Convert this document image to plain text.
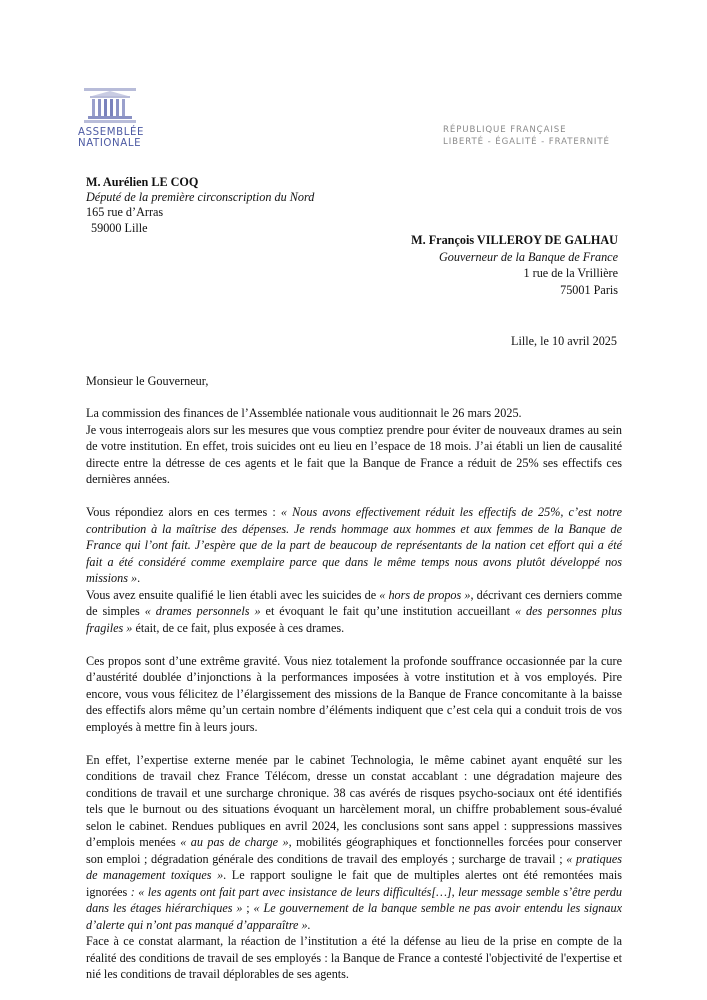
ASSEMBLÉE
NATIONALE
RÉPUBLIQUE FRANÇAISE
LIBERTÉ - ÉGALITÉ - FRATERNITÉ
M. Aurélien LE COQ
Député de la première circonscription du Nord
165 rue d’Arras
59000 Lille
M. François VILLEROY DE GALHAU
Gouverneur de la Banque de France
1 rue de la Vrillière
75001 Paris
Lille, le 10 avril 2025
Monsieur le Gouverneur,

La commission des finances de l’Assemblée nationale vous auditionnait le 26 mars 2025.

Je vous interrogeais alors sur les mesures que vous comptiez prendre pour éviter de nouveaux drames au sein de votre institution. En effet, trois suicides ont eu lieu en l’espace de 18 mois. J’ai établi un lien de causalité directe entre la détresse de ces agents et le fait que la Banque de France a réduit de 25% ses effectifs ces dernières années.

Vous répondiez alors en ces termes : « Nous avons effectivement réduit les effectifs de 25%, c’est notre contribution à la maîtrise des dépenses. Je rends hommage aux hommes et aux femmes de la Banque de France qui l’ont fait. J’espère que de la part de beaucoup de représentants de la nation cet effort qui a été fait a été considéré comme exemplaire parce que dans le même temps nous avons plutôt développé nos missions ».

Vous avez ensuite qualifié le lien établi avec les suicides de « hors de propos », décrivant ces derniers comme de simples « drames personnels » et évoquant le fait qu’une institution accueillant « des personnes plus fragiles » était, de ce fait, plus exposée à ces drames.

Ces propos sont d’une extrême gravité. Vous niez totalement la profonde souffrance occasionnée par la cure d’austérité doublée d’injonctions à la performances imposées à votre institution et à vos employés. Pire encore, vous vous félicitez de l’élargissement des missions de la Banque de France concomitante à la baisse des effectifs alors même qu’un certain nombre d’éléments indiquent que c’est cela qui a conduit trois de vos employés à mettre fin à leurs jours.

En effet, l’expertise externe menée par le cabinet Technologia, le même cabinet ayant enquêté sur les conditions de travail chez France Télécom, dresse un constat accablant : une dégradation majeure des conditions de travail et une surcharge chronique. 38 cas avérés de risques psycho-sociaux ont été identifiés tels que le burnout ou des situations évoquant un harcèlement moral, un chiffre probablement sous-évalué selon le cabinet. Rendues publiques en avril 2024, les conclusions sont sans appel : suppressions massives d’emplois menées « au pas de charge », mobilités géographiques et fonctionnelles forcées pour conserver son emploi ; dégradation générale des conditions de travail des employés ; surcharge de travail ; « pratiques de management toxiques ». Le rapport souligne le fait que de multiples alertes ont été remontées mais ignorées : « les agents ont fait part avec insistance de leurs difficultés[…], leur message semble s’être perdu dans les étages hiérarchiques » ; « Le gouvernement de la banque semble ne pas avoir entendu les signaux d’alerte qui n’ont pas manqué d’apparaître ».

Face à ce constat alarmant, la réaction de l’institution a été la défense au lieu de la prise en compte de la réalité des conditions de travail de ses employés : la Banque de France a contesté l'objectivité de l'expertise et nié les conditions de travail déplorables de ses agents.
